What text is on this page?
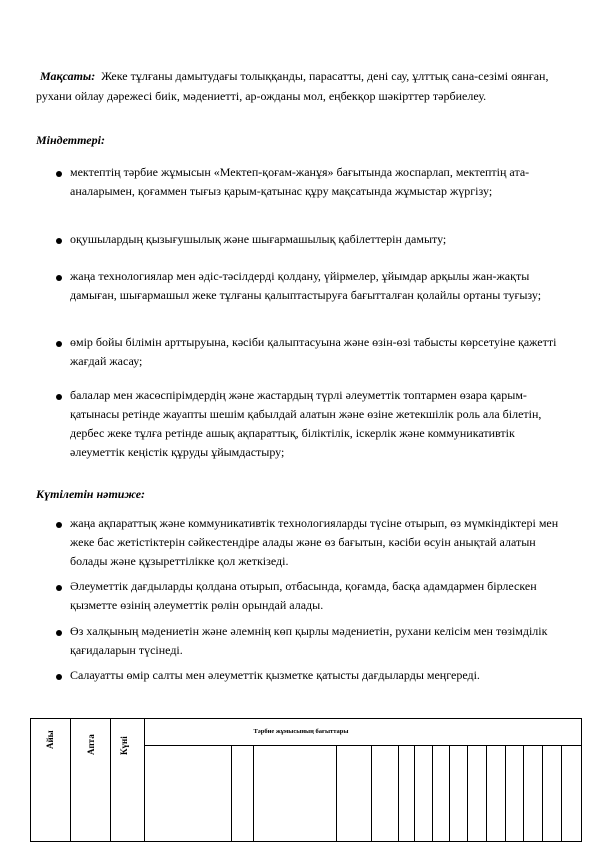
Мақсаты: Жеке тұлғаны дамытудағы толыққанды, парасатты, дені сау, ұлттық сана-сезімі оянған, рухани ойлау дәрежесі биік, мәдениетті, ар-ожданы мол, еңбекқор шәкірттер тәрбиелеу.
Міндеттері:
мектептің тәрбие жұмысын «Мектеп-қоғам-жанұя» бағытында жоспарлап, мектептің ата-аналарымен, қоғаммен тығыз қарым-қатынас құру мақсатында жұмыстар жүргізу;
оқушылардың қызығушылық және шығармашылық қабілеттерін дамыту;
жаңа технологиялар мен әдіс-тәсілдерді қолдану, үйірмелер, ұйымдар арқылы жан-жақты дамыған, шығармашыл жеке тұлғаны қалыптастыруға бағытталған қолайлы ортаны туғызу;
өмір бойы білімін арттыруына, кәсіби қалыптасуына және өзін-өзі табысты көрсетуіне қажетті жағдай жасау;
балалар мен жасөспірімдердің және жастардың түрлі әлеуметтік топтармен өзара қарым-қатынасы ретінде жауапты шешім қабылдай алатын және өзіне жетекшілік роль ала білетін, дербес жеке тұлға ретінде ашық ақпараттық, біліктілік, іскерлік және коммуникативтік әлеуметтік кеңістік құруды ұйымдастыру;
Күтілетін нәтиже:
жаңа ақпараттық және коммуникативтік технологияларды түсіне отырып, өз мүмкіндіктері мен жеке бас жетістіктерін сәйкестендіре алады және өз бағытын, кәсіби өсуін анықтай алатын болады және құзыреттілікке қол жеткізеді.
Әлеуметтік дағдыларды қолдана отырып, отбасында, қоғамда, басқа адамдармен бірлескен қызметте өзінің әлеуметтік рөлін орындай алады.
Өз халқының мәдениетін және әлемнің көп қырлы мәдениетін, рухани келісім мен төзімділік қағидаларын түсінеді.
Салауатты өмір салты мен әлеуметтік қызметке қатысты дағдыларды меңгереді.
Айы	Апта	Күні
Тәрбие жұмысының бағыттары
